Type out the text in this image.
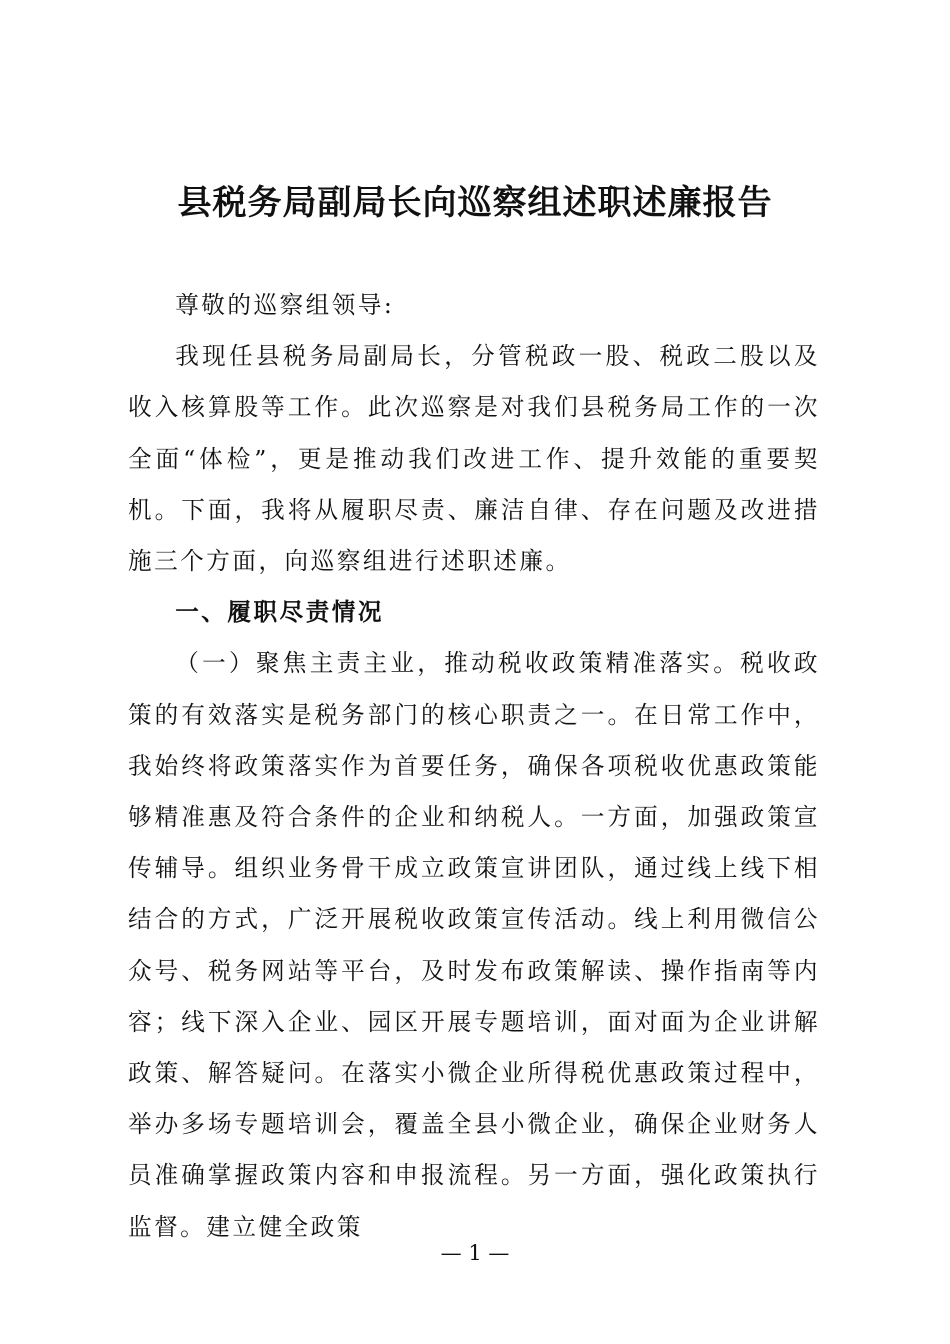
县税务局副局长向巡察组述职述廉报告

尊敬的巡察组领导:

我现任县税务局副局长，分管税政一股、税政二股以及收入核算股等工作。此次巡察是对我们县税务局工作的一次全面“体检”，更是推动我们改进工作、提升效能的重要契机。下面，我将从履职尽责、廉洁自律、存在问题及改进措施三个方面，向巡察组进行述职述廉。

一、履职尽责情况

（一）聚焦主责主业，推动税收政策精准落实。税收政策的有效落实是税务部门的核心职责之一。在日常工作中，我始终将政策落实作为首要任务，确保各项税收优惠政策能够精准惠及符合条件的企业和纳税人。一方面，加强政策宣传辅导。组织业务骨干成立政策宣讲团队，通过线上线下相结合的方式，广泛开展税收政策宣传活动。线上利用微信公众号、税务网站等平台，及时发布政策解读、操作指南等内容；线下深入企业、园区开展专题培训，面对面为企业讲解政策、解答疑问。在落实小微企业所得税优惠政策过程中，举办多场专题培训会，覆盖全县小微企业，确保企业财务人员准确掌握政策内容和申报流程。另一方面，强化政策执行监督。建立健全政策

— 1 —
